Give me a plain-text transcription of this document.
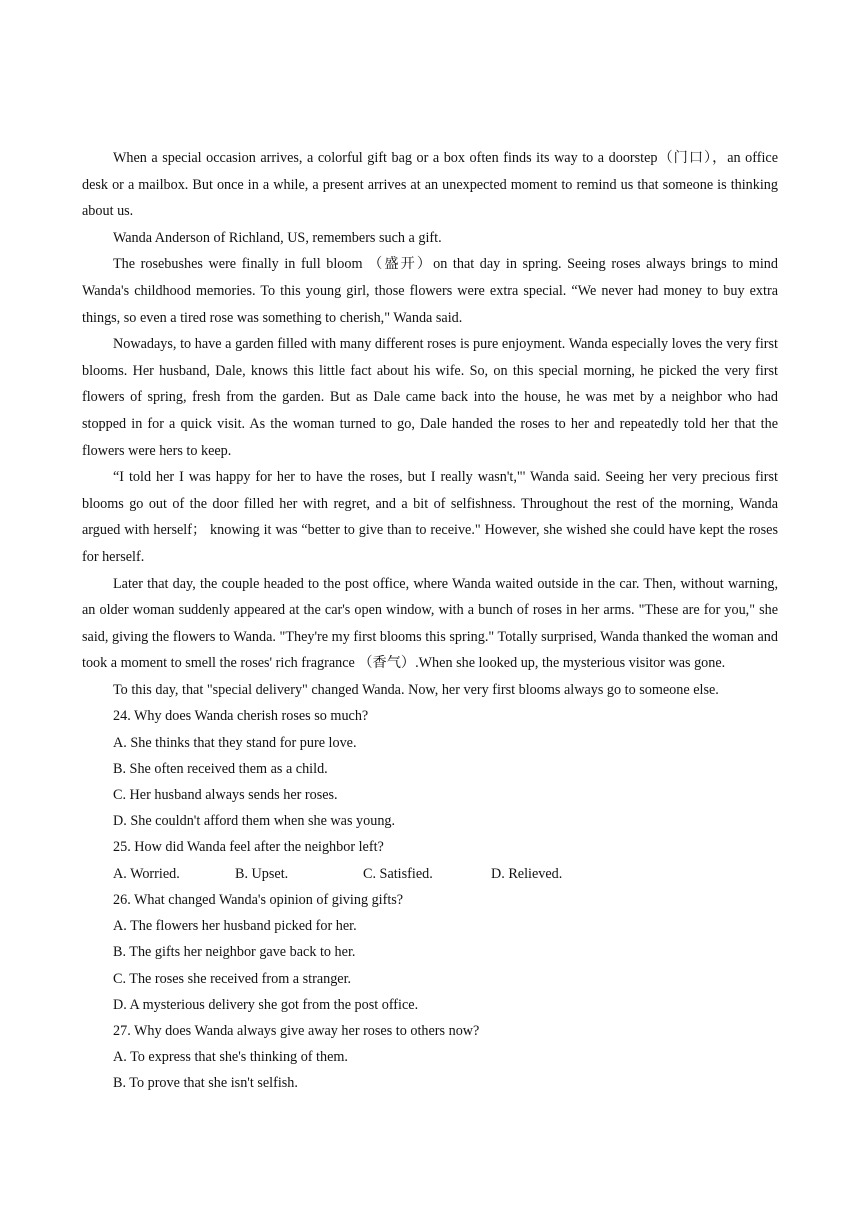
When a special occasion arrives, a colorful gift bag or a box often finds its way to a doorstep（门口），an office desk or a mailbox. But once in a while, a present arrives at an unexpected moment to remind us that someone is thinking about us.

Wanda Anderson of Richland, US, remembers such a gift.

The rosebushes were finally in full bloom （盛开）on that day in spring. Seeing roses always brings to mind Wanda's childhood memories. To this young girl, those flowers were extra special. “We never had money to buy extra things, so even a tired rose was something to cherish," Wanda said.

Nowadays, to have a garden filled with many different roses is pure enjoyment. Wanda especially loves the very first blooms. Her husband, Dale, knows this little fact about his wife. So, on this special morning, he picked the very first flowers of spring, fresh from the garden. But as Dale came back into the house, he was met by a neighbor who had stopped in for a quick visit. As the woman turned to go, Dale handed the roses to her and repeatedly told her that the flowers were hers to keep.

“I told her I was happy for her to have the roses, but I really wasn't,"' Wanda said. Seeing her very precious first blooms go out of the door filled her with regret, and a bit of selfishness. Throughout the rest of the morning, Wanda argued with herself； knowing it was “better to give than to receive." However, she wished she could have kept the roses for herself.

Later that day, the couple headed to the post office, where Wanda waited outside in the car. Then, without warning, an older woman suddenly appeared at the car's open window, with a bunch of roses in her arms. "These are for you," she said, giving the flowers to Wanda. "They're my first blooms this spring." Totally surprised, Wanda thanked the woman and took a moment to smell the roses' rich fragrance （香气）.When she looked up, the mysterious visitor was gone.

To this day, that "special delivery" changed Wanda. Now, her very first blooms always go to someone else.

24. Why does Wanda cherish roses so much?

A. She thinks that they stand for pure love.

B. She often received them as a child.

C. Her husband always sends her roses.

D. She couldn't afford them when she was young.

25. How did Wanda feel after the neighbor left?

A. Worried.	B. Upset.	C. Satisfied.	D. Relieved.

26. What changed Wanda's opinion of giving gifts?

A. The flowers her husband picked for her.

B. The gifts her neighbor gave back to her.

C. The roses she received from a stranger.

D. A mysterious delivery she got from the post office.

27. Why does Wanda always give away her roses to others now?

A. To express that she's thinking of them.

B. To prove that she isn't selfish.
